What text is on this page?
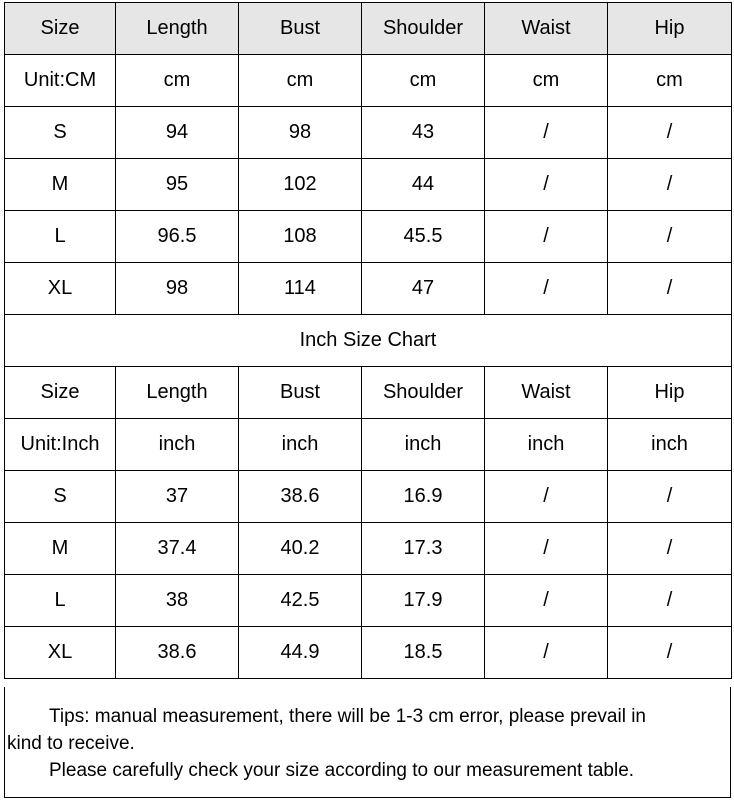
Size	Length	Bust	Shoulder	Waist	Hip
Unit:CM	cm	cm	cm	cm	cm
S	94	98	43	/	/
M	95	102	44	/	/
L	96.5	108	45.5	/	/
XL	98	114	47	/	/
Inch Size Chart					
Size	Length	Bust	Shoulder	Waist	Hip
Unit:Inch	inch	inch	inch	inch	inch
S	37	38.6	16.9	/	/
M	37.4	40.2	17.3	/	/
L	38	42.5	17.9	/	/
XL	38.6	44.9	18.5	/	/

Tips: manual measurement, there will be 1-3 cm error, please prevail in

kind to receive.

Please carefully check your size according to our measurement table.
